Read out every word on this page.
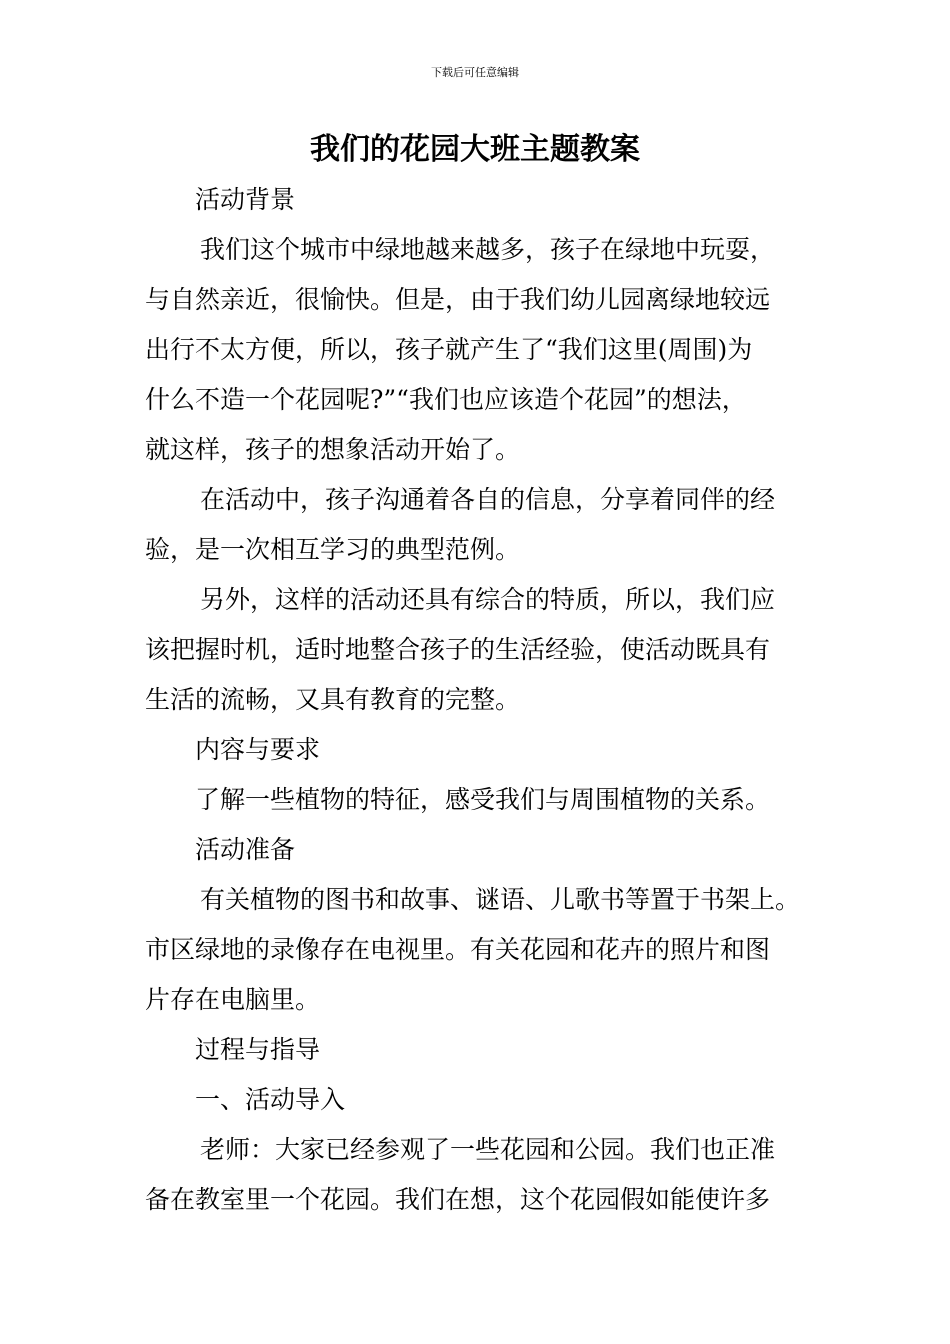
下载后可任意编辑
我们的花园大班主题教案

活动背景

我们这个城市中绿地越来越多，孩子在绿地中玩耍，

与自然亲近，很愉快。但是，由于我们幼儿园离绿地较远

出行不太方便，所以，孩子就产生了“我们这里(周围)为

什么不造一个花园呢?”“我们也应该造个花园”的想法，

就这样，孩子的想象活动开始了。

在活动中，孩子沟通着各自的信息，分享着同伴的经

验，是一次相互学习的典型范例。

另外，这样的活动还具有综合的特质，所以，我们应

该把握时机，适时地整合孩子的生活经验，使活动既具有

生活的流畅，又具有教育的完整。

内容与要求

了解一些植物的特征，感受我们与周围植物的关系。

活动准备

有关植物的图书和故事、谜语、儿歌书等置于书架上。

市区绿地的录像存在电视里。有关花园和花卉的照片和图

片存在电脑里。

过程与指导

一、活动导入

老师：大家已经参观了一些花园和公园。我们也正准

备在教室里一个花园。我们在想，这个花园假如能使许多
